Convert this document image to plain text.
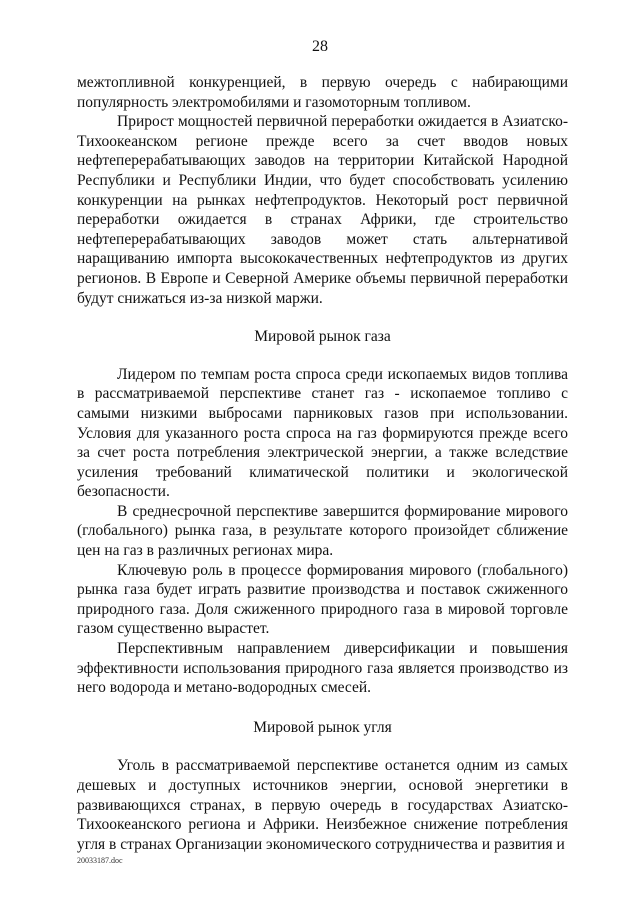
28

межтопливной конкуренцией, в первую очередь с набирающими популярность электромобилями и газомоторным топливом.

Прирост мощностей первичной переработки ожидается в Азиатско-Тихоокеанском регионе прежде всего за счет вводов новых нефтеперерабатывающих заводов на территории Китайской Народной Республики и Республики Индии, что будет способствовать усилению конкуренции на рынках нефтепродуктов. Некоторый рост первичной переработки ожидается в странах Африки, где строительство нефтеперерабатывающих заводов может стать альтернативой наращиванию импорта высококачественных нефтепродуктов из других регионов. В Европе и Северной Америке объемы первичной переработки будут снижаться из-за низкой маржи.

Мировой рынок газа

Лидером по темпам роста спроса среди ископаемых видов топлива в рассматриваемой перспективе станет газ - ископаемое топливо с самыми низкими выбросами парниковых газов при использовании. Условия для указанного роста спроса на газ формируются прежде всего за счет роста потребления электрической энергии, а также вследствие усиления требований климатической политики и экологической безопасности.

В среднесрочной перспективе завершится формирование мирового (глобального) рынка газа, в результате которого произойдет сближение цен на газ в различных регионах мира.

Ключевую роль в процессе формирования мирового (глобального) рынка газа будет играть развитие производства и поставок сжиженного природного газа. Доля сжиженного природного газа в мировой торговле газом существенно вырастет.

Перспективным направлением диверсификации и повышения эффективности использования природного газа является производство из него водорода и метано-водородных смесей.

Мировой рынок угля

Уголь в рассматриваемой перспективе останется одним из самых дешевых и доступных источников энергии, основой энергетики в развивающихся странах, в первую очередь в государствах Азиатско-Тихоокеанского региона и Африки. Неизбежное снижение потребления угля в странах Организации экономического сотрудничества и развития и

20033187.doc
